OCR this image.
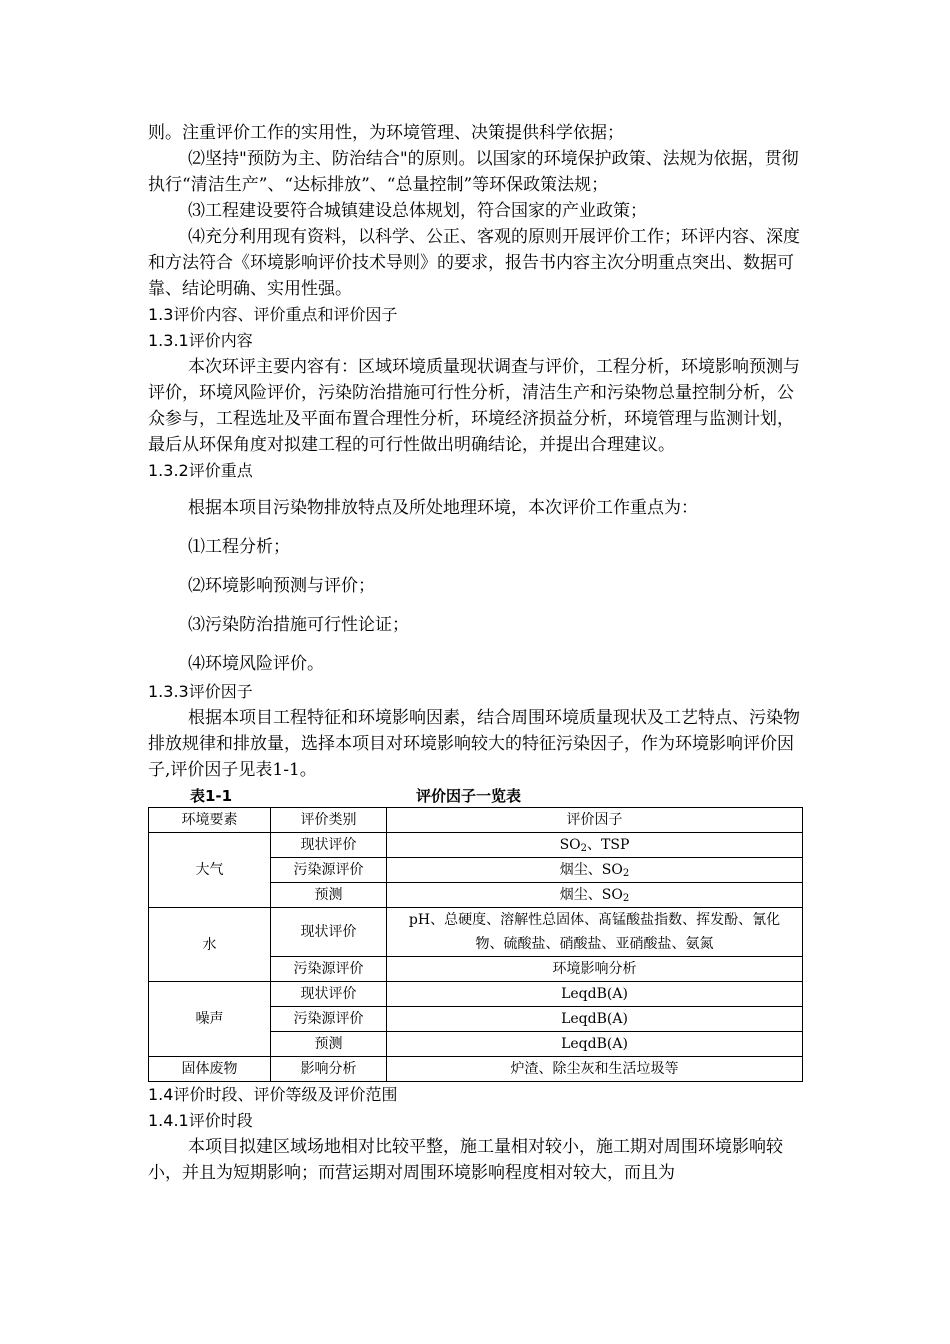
则。注重评价工作的实用性，为环境管理、决策提供科学依据；

⑵坚持"预防为主、防治结合"的原则。以国家的环境保护政策、法规为依据，贯彻执行“清洁生产”、“达标排放”、“总量控制”等环保政策法规；

⑶工程建设要符合城镇建设总体规划，符合国家的产业政策；

⑷充分利用现有资料，以科学、公正、客观的原则开展评价工作；环评内容、深度和方法符合《环境影响评价技术导则》的要求，报告书内容主次分明重点突出、数据可靠、结论明确、实用性强。

1.3评价内容、评价重点和评价因子

1.3.1评价内容

本次环评主要内容有：区域环境质量现状调查与评价，工程分析，环境影响预测与评价，环境风险评价，污染防治措施可行性分析，清洁生产和污染物总量控制分析，公众参与，工程选址及平面布置合理性分析，环境经济损益分析，环境管理与监测计划，最后从环保角度对拟建工程的可行性做出明确结论，并提出合理建议。

1.3.2评价重点

根据本项目污染物排放特点及所处地理环境，本次评价工作重点为：

⑴工程分析；

⑵环境影响预测与评价；

⑶污染防治措施可行性论证；

⑷环境风险评价。

1.3.3评价因子

根据本项目工程特征和环境影响因素，结合周围环境质量现状及工艺特点、污染物排放规律和排放量，选择本项目对环境影响较大的特征污染因子，作为环境影响评价因子,评价因子见表1-1。

表1-1	评价因子一览表
环境要素	评价类别	评价因子
大气	现状评价	$SO_2$、TSP
	污染源评价	烟尘、$SO_2$
	预测	烟尘、$SO_2$
水	现状评价	pH、总硬度、溶解性总固体、髙锰酸盐指数、挥发酚、氰化物、硫酸盐、硝酸盐、亚硝酸盐、氨氮
	污染源评价	环境影响分析
噪声	现状评价	LeqdB(A)
	污染源评价	LeqdB(A)
	预测	LeqdB(A)
固体废物	影响分析	炉渣、除尘灰和生活垃圾等

1.4评价时段、评价等级及评价范围

1.4.1评价时段

本项目拟建区域场地相对比较平整，施工量相对较小，施工期对周围环境影响较小，并且为短期影响；而营运期对周围环境影响程度相对较大，而且为
